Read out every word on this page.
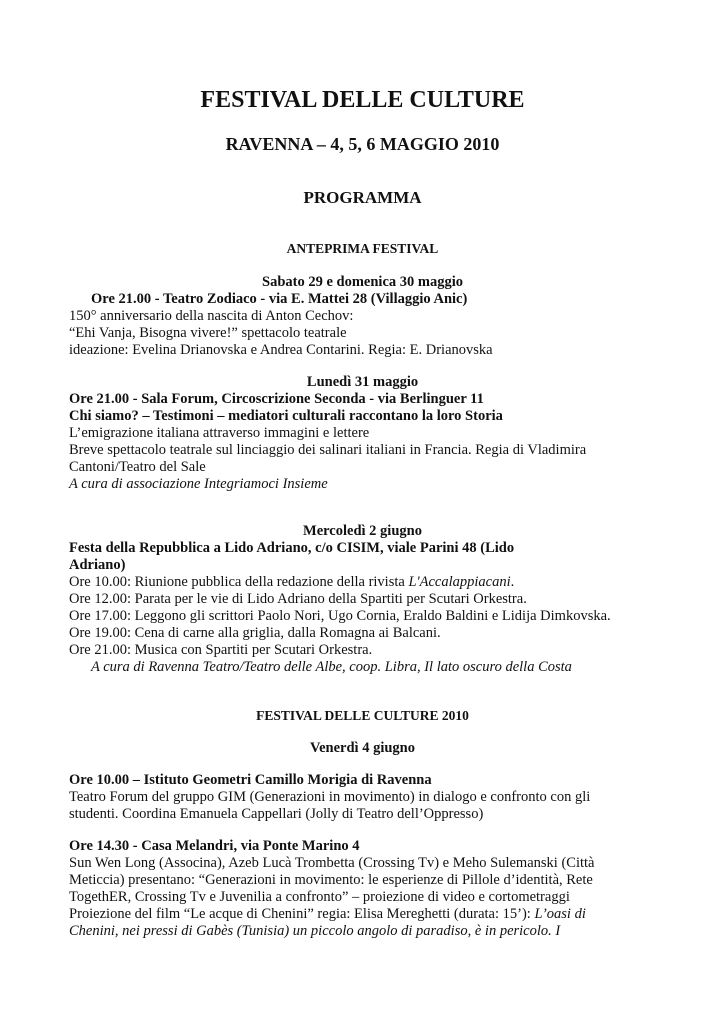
FESTIVAL DELLE CULTURE
RAVENNA – 4, 5, 6 MAGGIO 2010
PROGRAMMA
ANTEPRIMA FESTIVAL
Sabato 29 e domenica 30 maggio
Ore 21.00 - Teatro Zodiaco - via E. Mattei 28 (Villaggio Anic)
150° anniversario della nascita di Anton Cechov:
“Ehi Vanja, Bisogna vivere!” spettacolo teatrale
ideazione: Evelina Drianovska e Andrea Contarini. Regia: E. Drianovska
Lunedì 31 maggio
Ore 21.00 - Sala Forum, Circoscrizione Seconda - via Berlinguer 11
Chi siamo? – Testimoni – mediatori culturali raccontano la loro Storia
L’emigrazione italiana attraverso immagini e lettere
Breve spettacolo teatrale sul linciaggio dei salinari italiani in Francia. Regia di Vladimira
Cantoni/Teatro del Sale
A cura di associazione Integriamoci Insieme
Mercoledì 2 giugno
Festa della Repubblica a Lido Adriano, c/o CISIM, viale Parini 48 (Lido
Adriano)
Ore 10.00: Riunione pubblica della redazione della rivista L'Accalappiacani.
Ore 12.00: Parata per le vie di Lido Adriano della Spartiti per Scutari Orkestra.
Ore 17.00: Leggono gli scrittori Paolo Nori, Ugo Cornia, Eraldo Baldini e Lidija Dimkovska.
Ore 19.00: Cena di carne alla griglia, dalla Romagna ai Balcani.
Ore 21.00: Musica con Spartiti per Scutari Orkestra.
A cura di Ravenna Teatro/Teatro delle Albe, coop. Libra, Il lato oscuro della Costa
FESTIVAL DELLE CULTURE 2010
Venerdì 4 giugno
Ore 10.00 – Istituto Geometri Camillo Morigia di Ravenna
Teatro Forum del gruppo GIM (Generazioni in movimento) in dialogo e confronto con gli
studenti. Coordina Emanuela Cappellari (Jolly di Teatro dell’Oppresso)
Ore 14.30 - Casa Melandri, via Ponte Marino 4
Sun Wen Long (Associna), Azeb Lucà Trombetta (Crossing Tv) e Meho Sulemanski (Città
Meticcia) presentano: “Generazioni in movimento: le esperienze di Pillole d’identità, Rete
TogethER, Crossing Tv e Juvenilia a confronto” – proiezione di video e cortometraggi
Proiezione del film “Le acque di Chenini” regia: Elisa Mereghetti (durata: 15’): L’oasi di
Chenini, nei pressi di Gabès (Tunisia) un piccolo angolo di paradiso, è in pericolo. I
